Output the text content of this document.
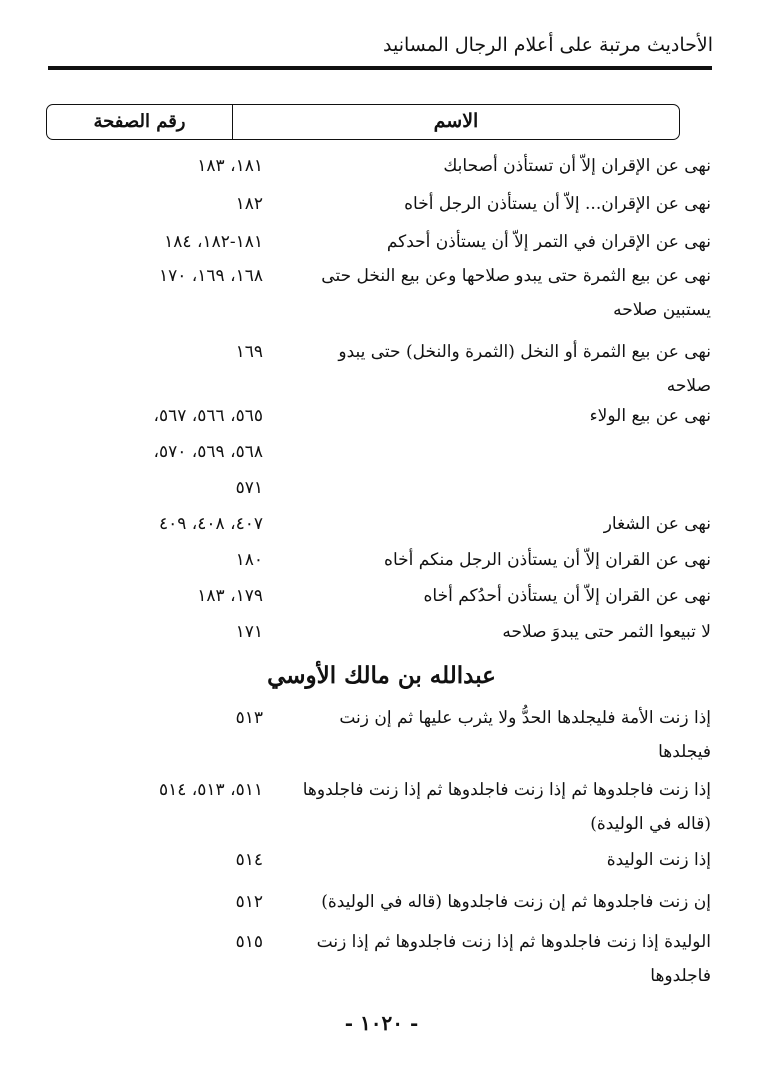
الأحاديث مرتبة على أعلام الرجال المسانيد
الاسم
رقم الصفحة
نهى عن الإقران إلاّ أن تستأذن أصحابك
١٨١، ١٨٣
نهى عن الإقران... إلاّ أن يستأذن الرجل أخاه
١٨٢
نهى عن الإقران في التمر إلاّ أن يستأذن أحدكم
١٨١-١٨٢، ١٨٤
نهى عن بيع الثمرة حتى يبدو صلاحها وعن بيع النخل حتى
يستبين صلاحه
١٦٨، ١٦٩، ١٧٠
نهى عن بيع الثمرة أو النخل (الثمرة والنخل) حتى يبدو
صلاحه
١٦٩
نهى عن بيع الولاء
٥٦٥، ٥٦٦، ٥٦٧،
٥٦٨، ٥٦٩، ٥٧٠،
٥٧١
نهى عن الشغار
٤٠٧، ٤٠٨، ٤٠٩
نهى عن القران إلاّ أن يستأذن الرجل منكم أخاه
١٨٠
نهى عن القران إلاّ أن يستأذن أحدُكم أخاه
١٧٩، ١٨٣
لا تبيعوا الثمر حتى يبدوَ صلاحه
١٧١
عبدالله بن مالك الأوسي
إذا زنت الأمة فليجلدها الحدُّ ولا يثرب عليها ثم إن زنت
فيجلدها
٥١٣
إذا زنت فاجلدوها ثم إذا زنت فاجلدوها ثم إذا زنت فاجلدوها
(قاله في الوليدة)
٥١١، ٥١٣، ٥١٤
إذا زنت الوليدة
٥١٤
إن زنت فاجلدوها ثم إن زنت فاجلدوها (قاله في الوليدة)
٥١٢
الوليدة إذا زنت فاجلدوها ثم إذا زنت فاجلدوها ثم إذا زنت
فاجلدوها
٥١٥
- ١٠٢٠ -
